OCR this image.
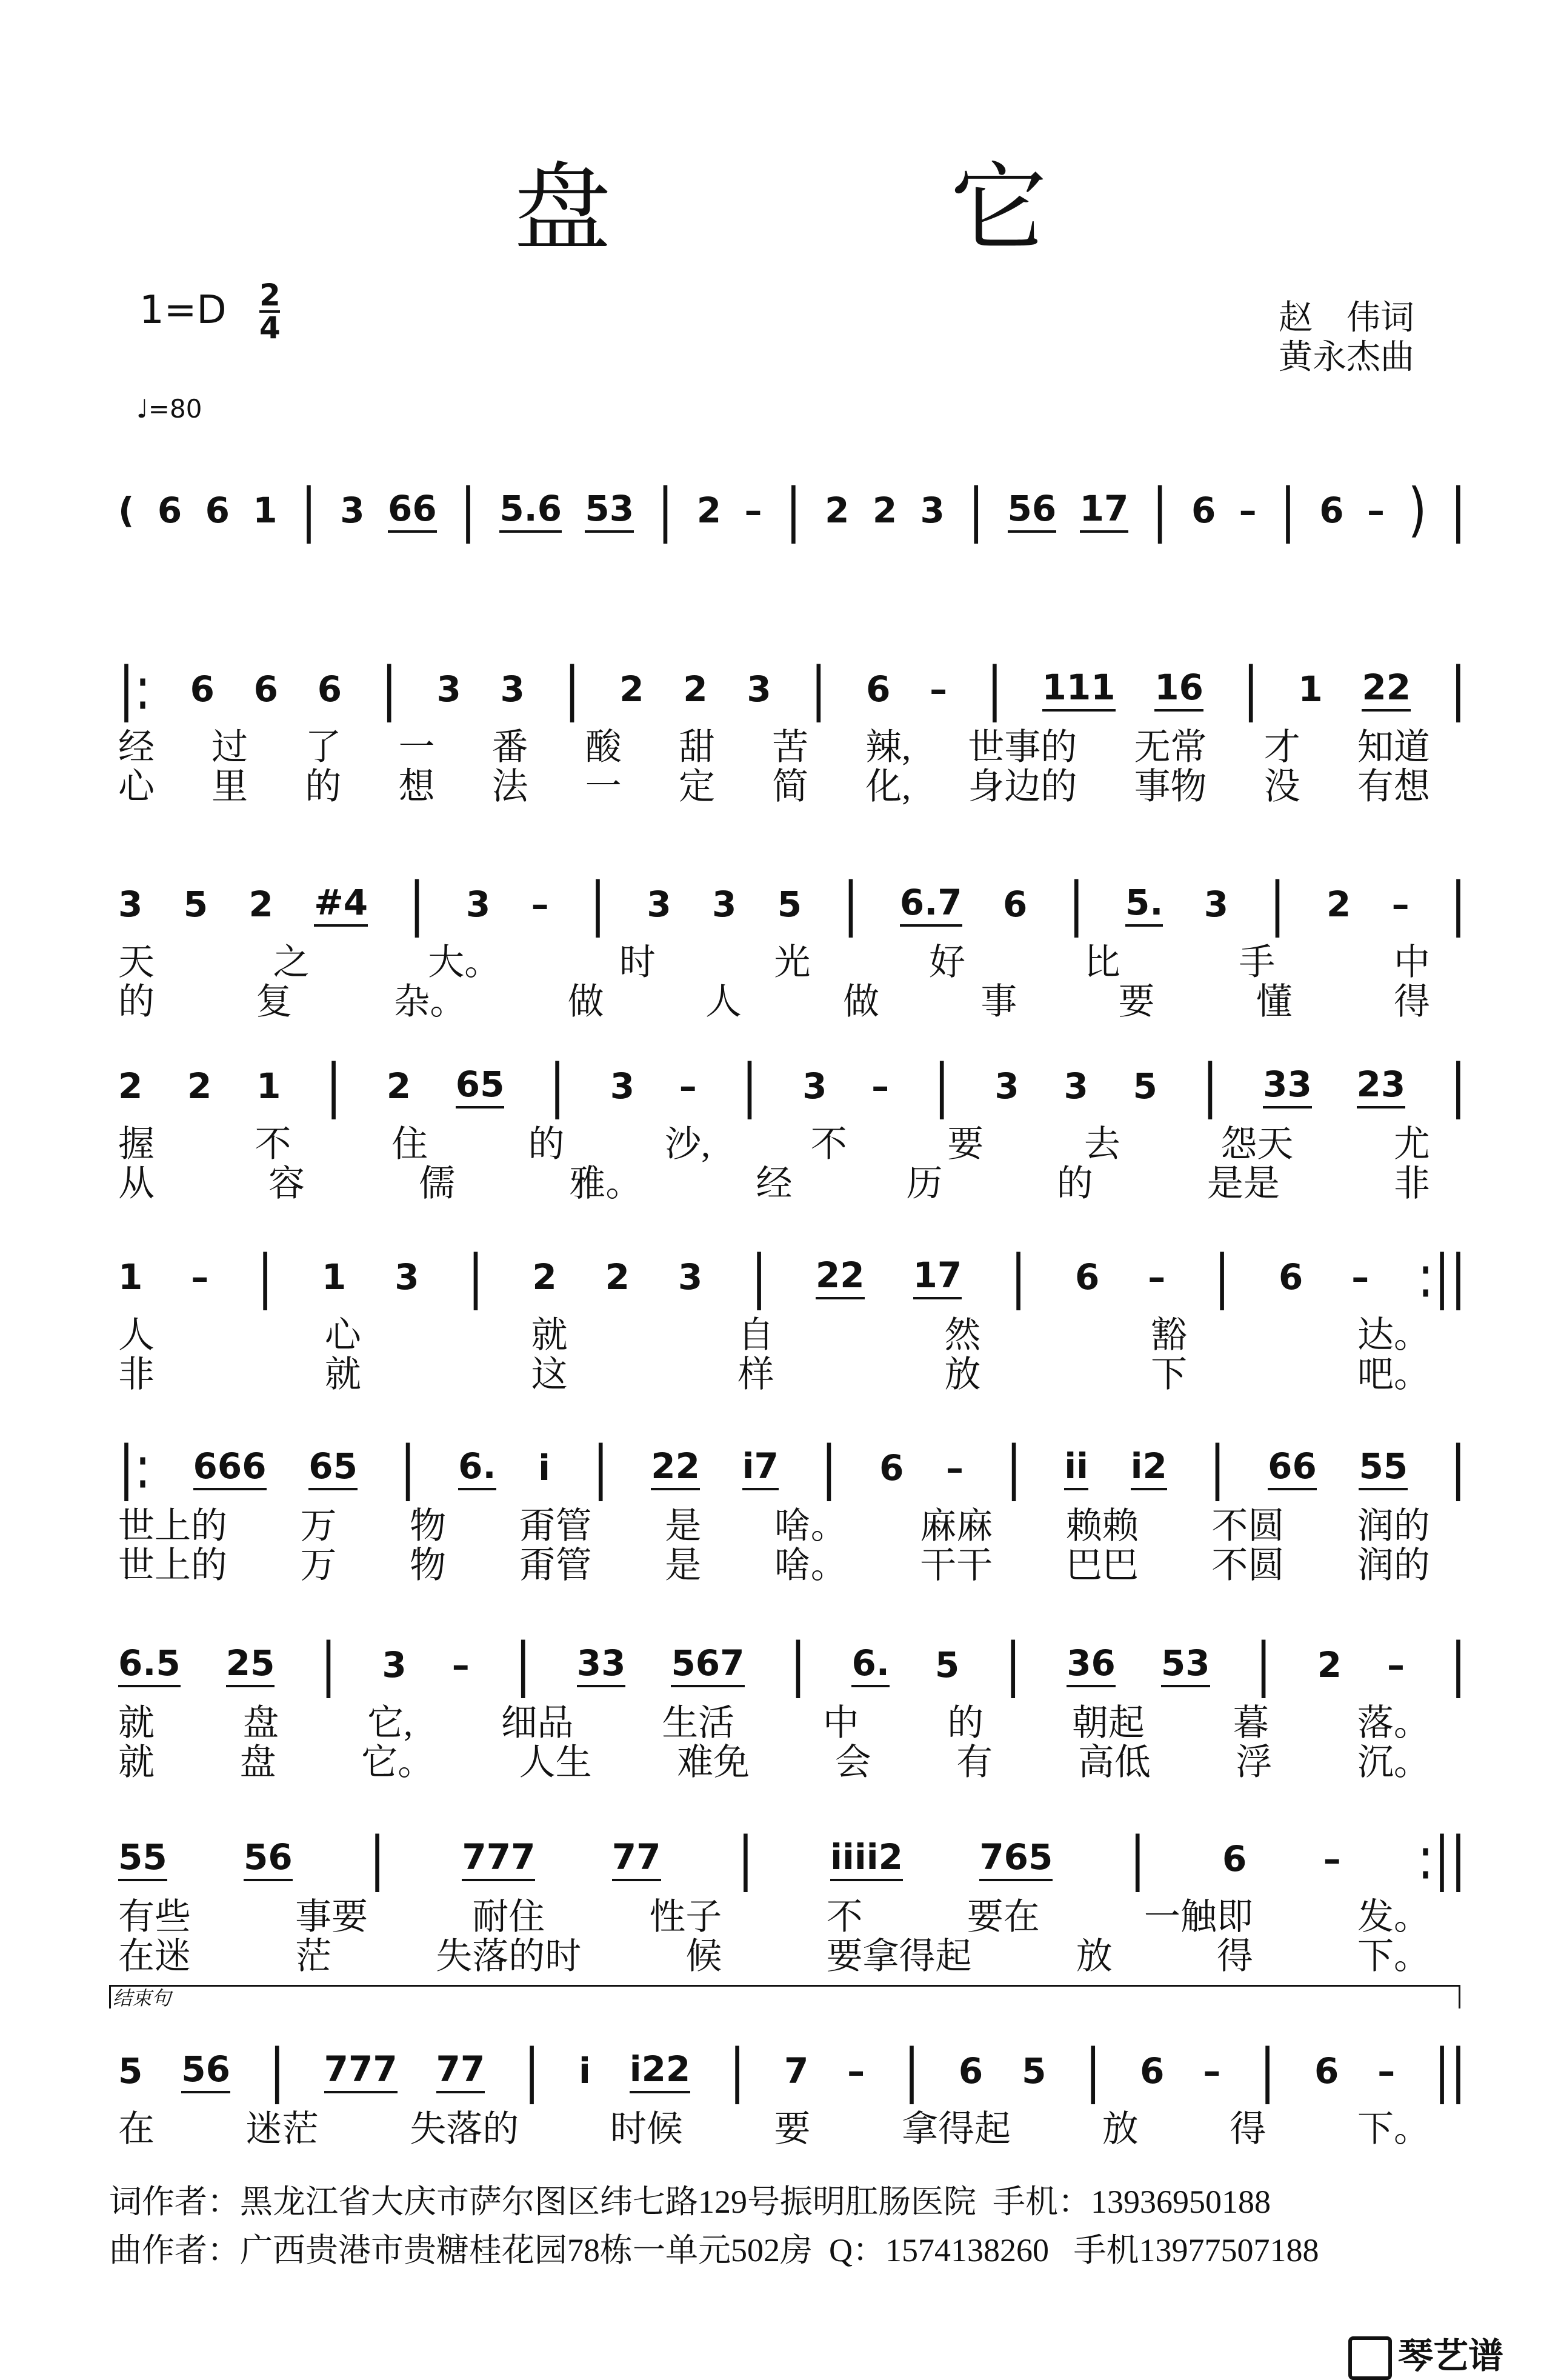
盘 它
1=D 2
4
♩=80
赵　伟词
黄永杰曲
( 6 6 1 | 3 66 | 5.6 53 | 2 – | 2 2 3 | 56 17 | 6 – | 6 – ) |
|: 6 6 6 | 3 3 | 2 2 3 | 6 – | 111 16 | 1 22 |
经 过 了 一 番 酸 甜 苦 辣, 世事的 无常 才 知道
心 里 的 想 法 一 定 简 化, 身边的 事物 没 有想
3 5 2 #4 | 3 – | 3 3 5 | 6.7 6 | 5. 3 | 2 – |
天	之	大。	时	光	好	比	手	中
的	复	杂。	做	人	做	事	要	懂	得
2 2 1 | 2 65 | 3 – | 3 – | 3 3 5 | 33 23 |
握	不	住	的	沙,	不	要	去	怨天	尤
从	容	儒	雅。	经	历	的	是是	非
1 – | 1 3 | 2 2 3 | 22 17 | 6 – | 6 – :||
人	心	就	自	然	豁	达。
非	就	这	样	放	下	吧。
|: 666 65 | 6. i | 22 i7 | 6 – | ii i2 | 66 55 |
世上的 万 物 甭管 是 啥。 麻麻 赖赖 不圆 润的
世上的 万 物 甭管 是 啥。 干干 巴巴 不圆 润的
6.5 25 | 3 – | 33 567 | 6. 5 | 36 53 | 2 – |
就 盘 它, 细品 生活 中 的 朝起 暮 落。
就 盘 它。 人生 难免 会 有 高低 浮 沉。
55 56 | 777 77 | iiii2 765 | 6 – :||
有些	事要	耐住	性子	不	要在	一触即	发。
在迷	茫	失落的时	候	要拿得起	放	得	下。
5 56 | 777 77 | i i22 | 7 – | 6 5 | 6 – | 6 – ||
在	迷茫	失落的	时候	要	拿得起	放	得	下。
结束句
词作者：黑龙江省大庆市萨尔图区纬七路129号振明肛肠医院  手机：13936950188
曲作者：广西贵港市贵糖桂花园78栋一单元502房  Q：1574138260   手机13977507188
琴艺谱
